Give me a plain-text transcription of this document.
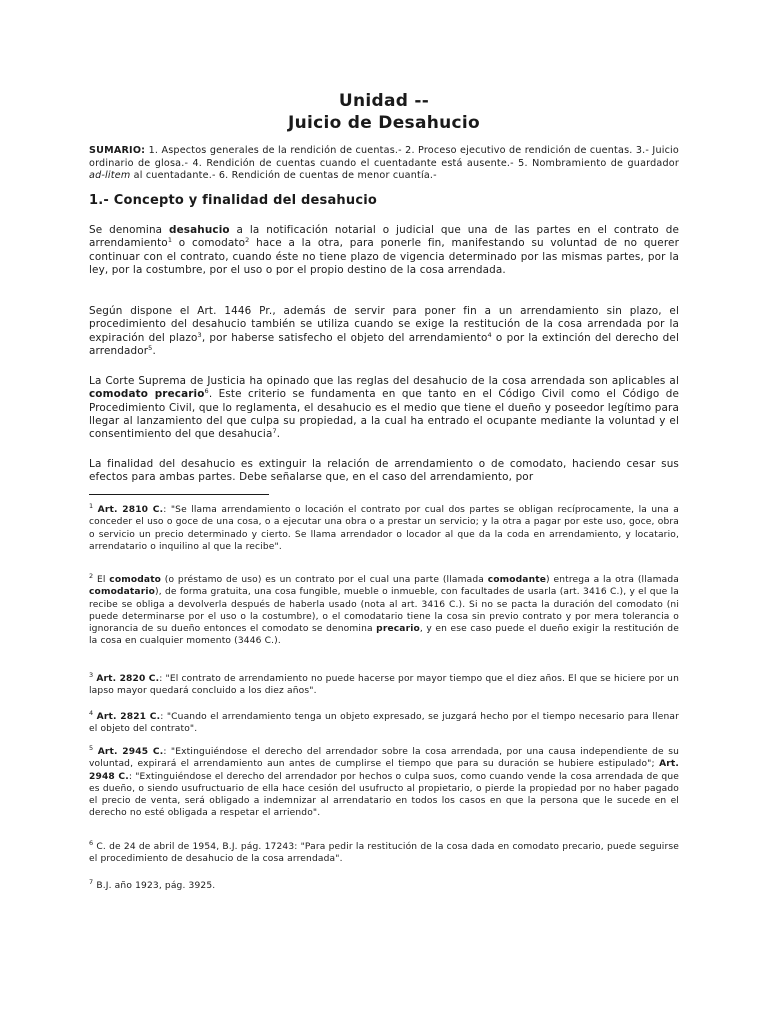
Unidad --
Juicio de Desahucio
SUMARIO: 1. Aspectos generales de la rendición de cuentas.- 2. Proceso ejecutivo de rendición de cuentas. 3.- Juicio ordinario de glosa.- 4. Rendición de cuentas cuando el cuentadante está ausente.- 5. Nombramiento de guardador ad-litem al cuentadante.- 6. Rendición de cuentas de menor cuantía.-
1.- Concepto y finalidad del desahucio

Se denomina desahucio a la notificación notarial o judicial que una de las partes en el contrato de arrendamiento$^1$ o comodato$^2$ hace a la otra, para ponerle fin, manifestando su voluntad de no querer continuar con el contrato, cuando éste no tiene plazo de vigencia determinado por las mismas partes, por la ley, por la costumbre, por el uso o por el propio destino de la cosa arrendada.

Según dispone el Art. 1446 Pr., además de servir para poner fin a un arrendamiento sin plazo, el procedimiento del desahucio también se utiliza cuando se exige la restitución de la cosa arrendada por la expiración del plazo$^3$, por haberse satisfecho el objeto del arrendamiento$^4$ o por la extinción del derecho del arrendador$^5$.

La Corte Suprema de Justicia ha opinado que las reglas del desahucio de la cosa arrendada son aplicables al comodato precario$^6$. Este criterio se fundamenta en que tanto en el Código Civil como el Código de Procedimiento Civil, que lo reglamenta, el desahucio es el medio que tiene el dueño y poseedor legítimo para llegar al lanzamiento del que culpa su propiedad, a la cual ha entrado el ocupante mediante la voluntad y el consentimiento del que desahucia$^7$.

La finalidad del desahucio es extinguir la relación de arrendamiento o de comodato, haciendo cesar sus efectos para ambas partes. Debe señalarse que, en el caso del arrendamiento, por

$^1$ Art. 2810 C.: "Se llama arrendamiento o locación el contrato por cual dos partes se obligan recíprocamente, la una a conceder el uso o goce de una cosa, o a ejecutar una obra o a prestar un servicio; y la otra a pagar por este uso, goce, obra o servicio un precio determinado y cierto. Se llama arrendador o locador al que da la coda en arrendamiento, y locatario, arrendatario o inquilino al que la recibe".
$^2$ El comodato (o préstamo de uso) es un contrato por el cual una parte (llamada comodante) entrega a la otra (llamada comodatario), de forma gratuita, una cosa fungible, mueble o inmueble, con facultades de usarla (art. 3416 C.), y el que la recibe se obliga a devolverla después de haberla usado (nota al art. 3416 C.). Si no se pacta la duración del comodato (ni puede determinarse por el uso o la costumbre), o el comodatario tiene la cosa sin previo contrato y por mera tolerancia o ignorancia de su dueño entonces el comodato se denomina precario, y en ese caso puede el dueño exigir la restitución de la cosa en cualquier momento (3446 C.).
$^3$ Art. 2820 C.: "El contrato de arrendamiento no puede hacerse por mayor tiempo que el diez años. El que se hiciere por un lapso mayor quedará concluido a los diez años".
$^4$ Art. 2821 C.: "Cuando el arrendamiento tenga un objeto expresado, se juzgará hecho por el tiempo necesario para llenar el objeto del contrato".
$^5$ Art. 2945 C.: "Extinguiéndose el derecho del arrendador sobre la cosa arrendada, por una causa independiente de su voluntad, expirará el arrendamiento aun antes de cumplirse el tiempo que para su duración se hubiere estipulado"; Art. 2948 C.: "Extinguiéndose el derecho del arrendador por hechos o culpa suos, como cuando vende la cosa arrendada de que es dueño, o siendo usufructuario de ella hace cesión del usufructo al propietario, o pierde la propiedad por no haber pagado el precio de venta, será obligado a indemnizar al arrendatario en todos los casos en que la persona que le sucede en el derecho no esté obligada a respetar el arriendo".
$^6$ C. de 24 de abril de 1954, B.J. pág. 17243: "Para pedir la restitución de la cosa dada en comodato precario, puede seguirse el procedimiento de desahucio de la cosa arrendada".
$^7$ B.J. año 1923, pág. 3925.
